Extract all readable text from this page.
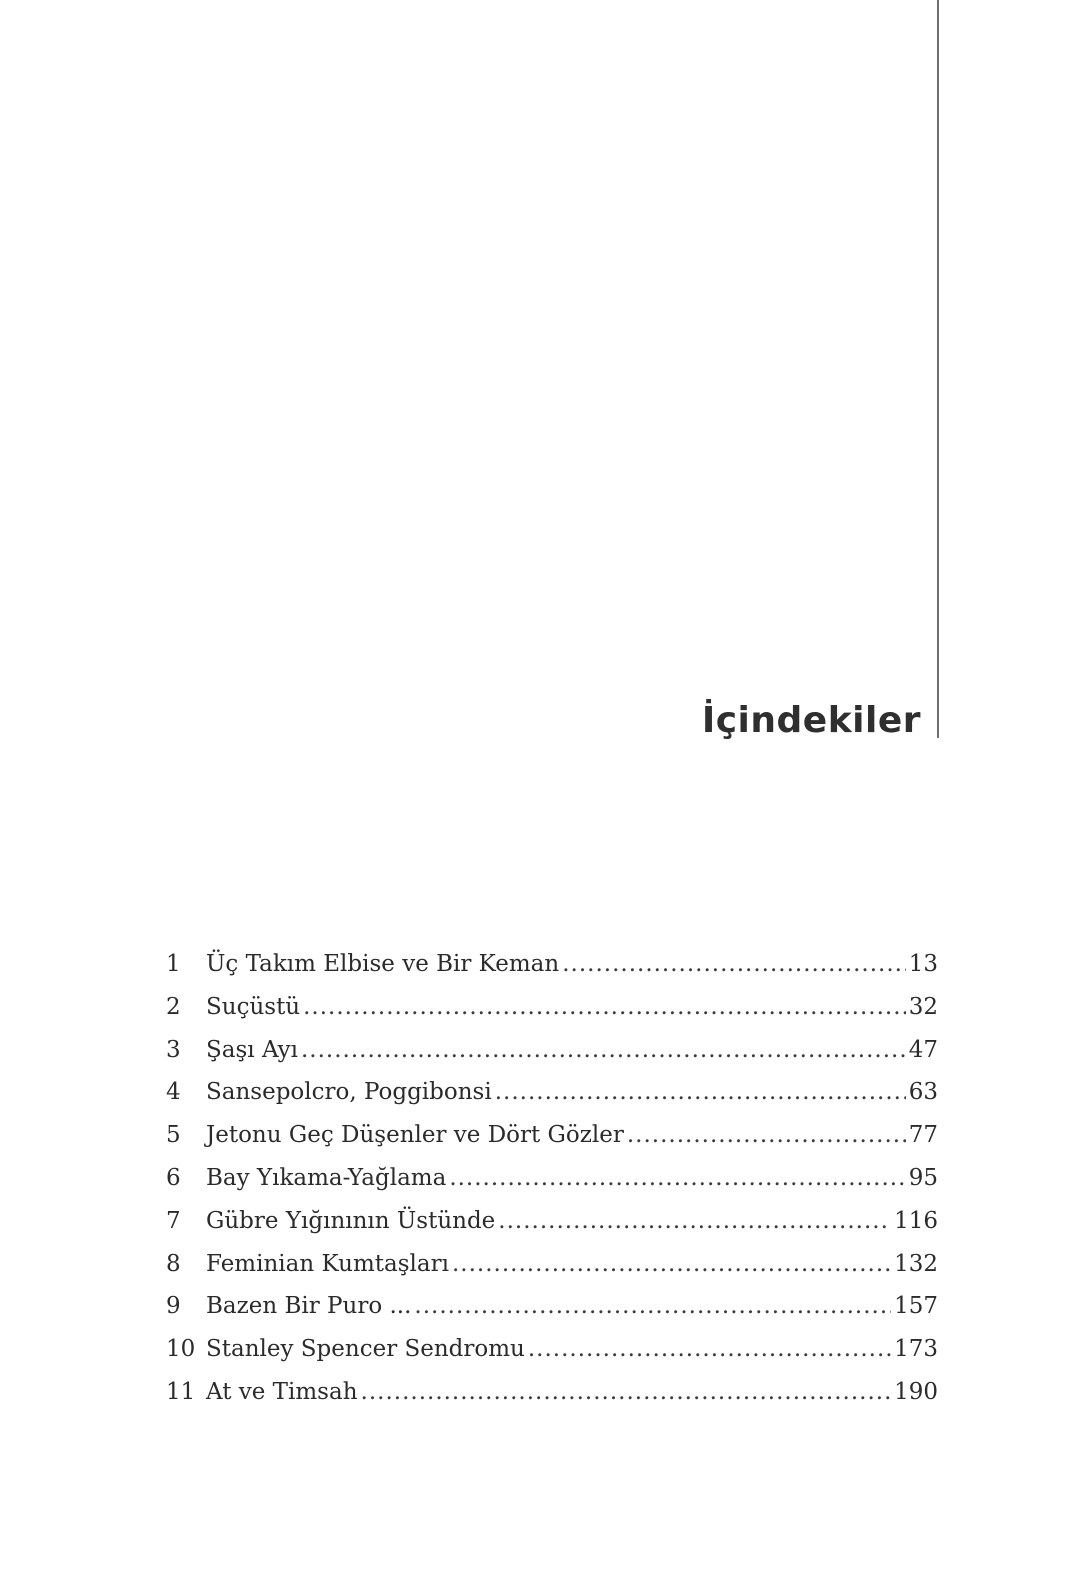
İçindekiler
1	Üç Takım Elbise ve Bir Keman .....	13
2	Suçüstü .....	32
3	Şaşı Ayı .....	47
4	Sansepolcro, Poggibonsi .....	63
5	Jetonu Geç Düşenler ve Dört Gözler .....	77
6	Bay Yıkama-Yağlama .....	95
7	Gübre Yığınının Üstünde .....	116
8	Feminian Kumtaşları .....	132
9	Bazen Bir Puro ... .....	157
10 Stanley Spencer Sendromu .....	173
11 At ve Timsah .....	190
